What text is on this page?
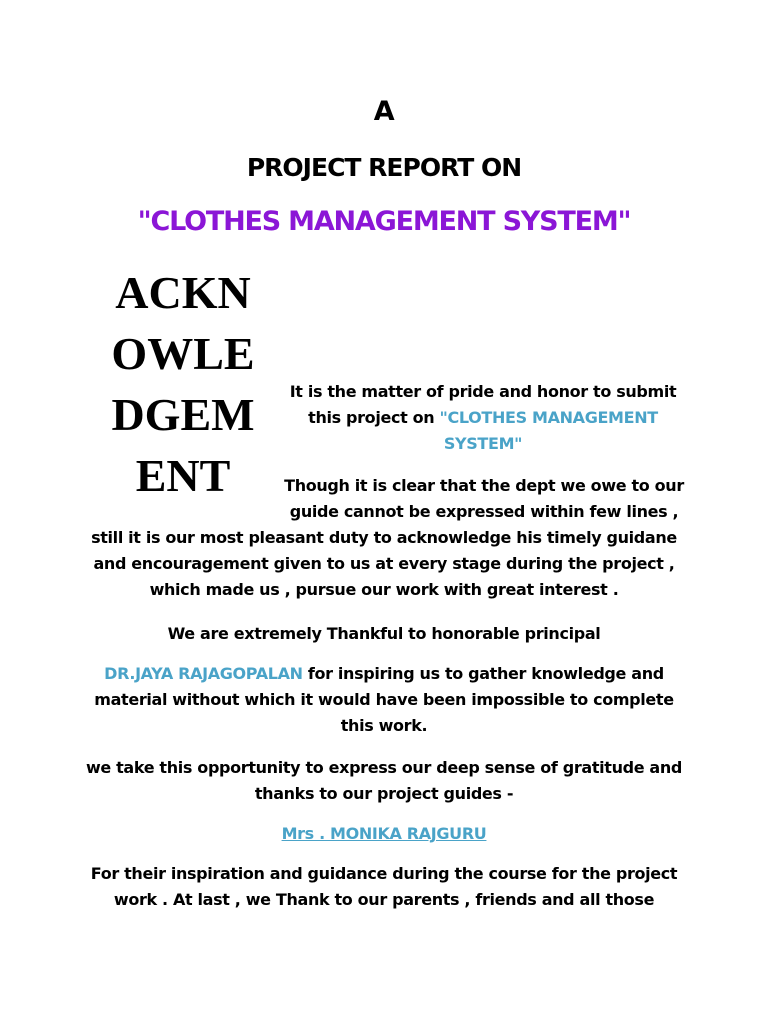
A
PROJECT REPORT ON
"CLOTHES MANAGEMENT SYSTEM"
ACKN
OWLE
DGEM
ENT
It is the matter of pride and honor to submit this project on "CLOTHES MANAGEMENT SYSTEM"
Though it is clear that the dept we owe to our
guide cannot be expressed within few lines ,
still it is our most pleasant duty to acknowledge his timely guidane and encouragement given to us at every stage during the project , which made us , pursue our work with great interest .
We are extremely Thankful to honorable principal
DR.JAYA RAJAGOPALAN for inspiring us to gather knowledge and material without which it would have been impossible to complete this work.
we take this opportunity to express our deep sense of gratitude and thanks to our project guides -
Mrs . MONIKA RAJGURU
For their inspiration and guidance during the course for the project work . At last , we Thank to our parents , friends and all those
